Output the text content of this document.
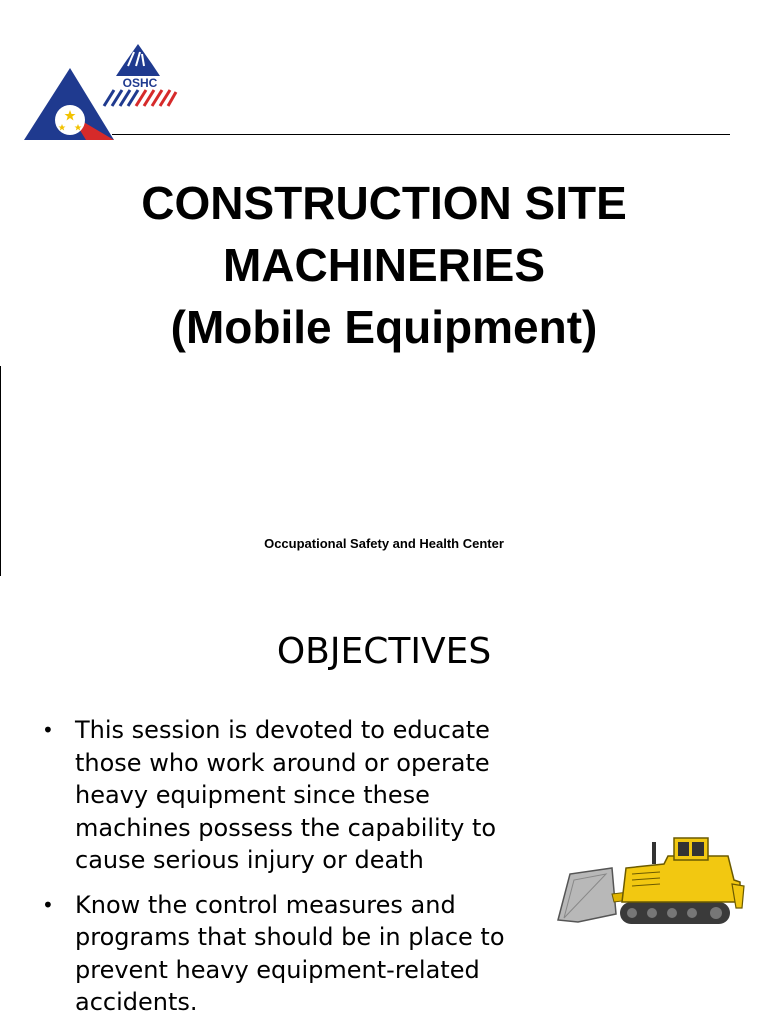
OSHC
CONSTRUCTION SITE
MACHINERIES
(Mobile Equipment)
Occupational Safety and Health Center
OBJECTIVES
• This session is devoted to educate those who work around or operate heavy equipment since these machines possess the capability to cause serious injury or death
• Know the control measures and programs that should be in place to prevent heavy equipment-related accidents.
